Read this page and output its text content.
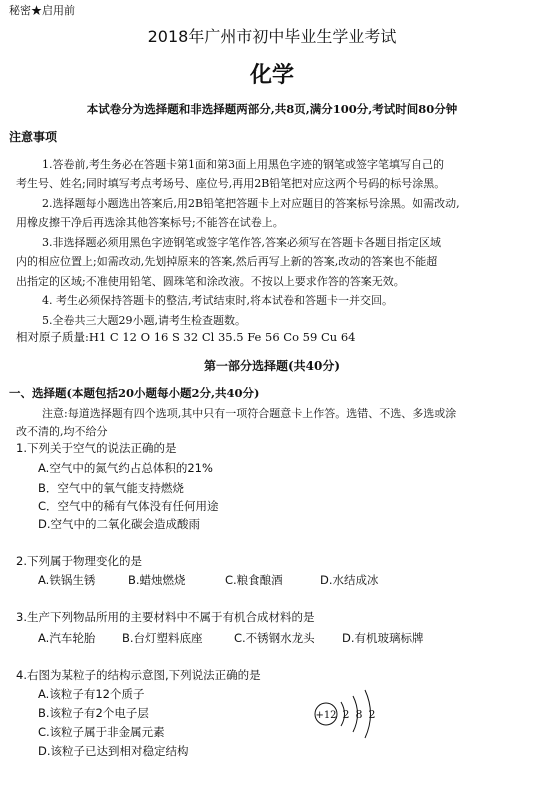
秘密★启用前
2018年广州市初中毕业生学业考试
化学
本试卷分为选择题和非选择题两部分,共8页,满分100分,考试时间80分钟
注意事项
1.答卷前,考生务必在答题卡第1面和第3面上用黑色字迹的钢笔或签字笔填写自己的
考生号、姓名;同时填写考点考场号、座位号,再用2B铅笔把对应这两个号码的标号涂黑。
2.选择题每小题选出答案后,用2B铅笔把答题卡上对应题目的答案标号涂黑。如需改动,
用橡皮擦干净后再选涂其他答案标号;不能答在试卷上。
3.非选择题必须用黑色字迹钢笔或签字笔作答,答案必须写在答题卡各题目指定区域
内的相应位置上;如需改动,先划掉原来的答案,然后再写上新的答案,改动的答案也不能超
出指定的区域;不准使用铅笔、圆珠笔和涂改液。不按以上要求作答的答案无效。
4. 考生必须保持答题卡的整洁,考试结束时,将本试卷和答题卡一并交回。
5.全卷共三大题29小题,请考生检查题数。
相对原子质量:H1 C 12 O 16 S 32 Cl 35.5 Fe 56 Co 59 Cu 64
第一部分选择题(共40分)
一、选择题(本题包括20小题每小题2分,共40分)
注意:每道选择题有四个选项,其中只有一项符合题意卡上作答。选错、不选、多选或涂
改不清的,均不给分
1.下列关于空气的说法正确的是
A.空气中的氮气约占总体积的21%
B．空气中的氧气能支持燃烧
C．空气中的稀有气体没有任何用途
D.空气中的二氧化碳会造成酸雨
2.下列属于物理变化的是
A.铁锅生锈	B.蜡烛燃烧	C.粮食酿酒	D.水结成冰
3.生产下列物品所用的主要材料中不属于有机合成材料的是
A.汽车轮胎 B.台灯塑料底座	C.不锈钢水龙头 D.有机玻璃标牌
4.右图为某粒子的结构示意图,下列说法正确的是
A.该粒子有12个质子
B.该粒子有2个电子层
C.该粒子属于非金属元素
D.该粒子已达到相对稳定结构
+12 2 8 2
